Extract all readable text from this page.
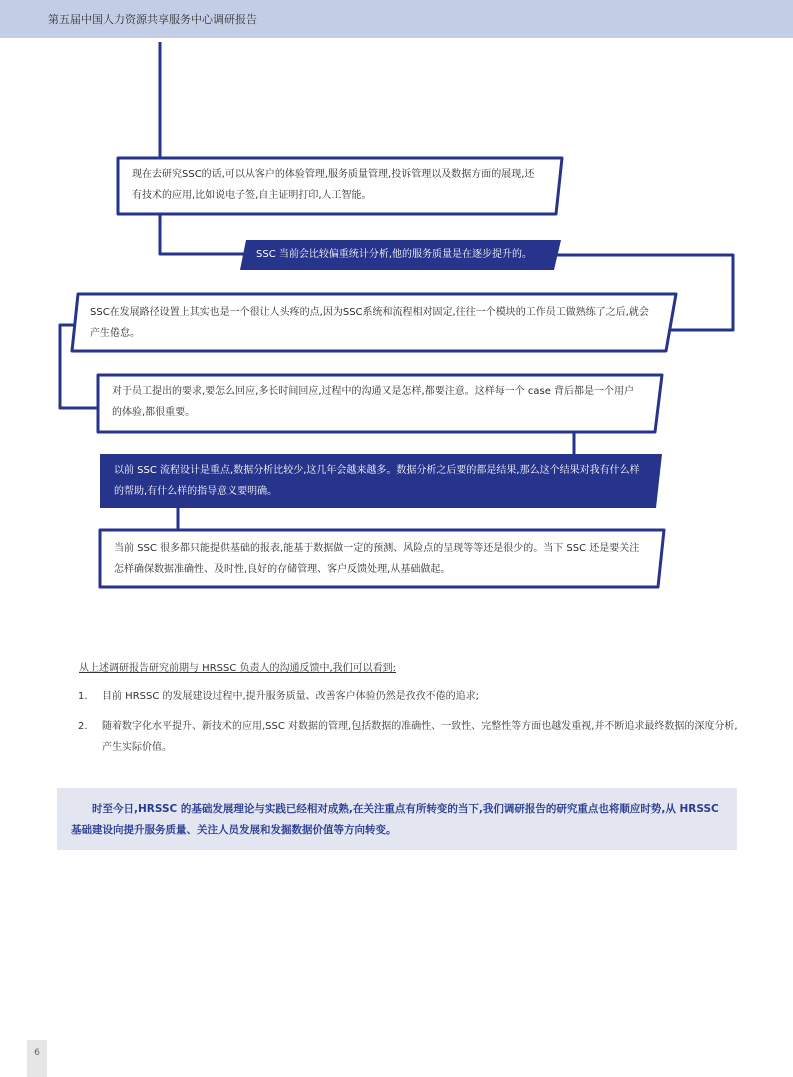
第五届中国人力资源共享服务中心调研报告
现在去研究SSC的话,可以从客户的体验管理,服务质量管理,投诉管理以及数据方面的展现,还有技术的应用,比如说电子签,自主证明打印,人工智能。
SSC 当前会比较偏重统计分析,他的服务质量是在逐步提升的。
SSC在发展路径设置上其实也是一个很让人头疼的点,因为SSC系统和流程相对固定,往往一个模块的工作员工做熟练了之后,就会产生倦怠。
对于员工提出的要求,要怎么回应,多长时间回应,过程中的沟通又是怎样,都要注意。这样每一个 case 背后都是一个用户的体验,都很重要。
以前 SSC 流程设计是重点,数据分析比较少,这几年会越来越多。数据分析之后要的都是结果,那么这个结果对我有什么样的帮助,有什么样的指导意义要明确。
当前 SSC 很多都只能提供基础的报表,能基于数据做一定的预测、风险点的呈现等等还是很少的。当下 SSC 还是要关注怎样确保数据准确性、及时性,良好的存储管理、客户反馈处理,从基础做起。
从上述调研报告研究前期与 HRSSC 负责人的沟通反馈中,我们可以看到:
1. 目前 HRSSC 的发展建设过程中,提升服务质量、改善客户体验仍然是孜孜不倦的追求;
2. 随着数字化水平提升、新技术的应用,SSC 对数据的管理,包括数据的准确性、一致性、完整性等方面也越发重视,并不断追求最终数据的深度分析,产生实际价值。
时至今日,HRSSC 的基础发展理论与实践已经相对成熟,在关注重点有所转变的当下,我们调研报告的研究重点也将顺应时势,从 HRSSC 基础建设向提升服务质量、关注人员发展和发掘数据价值等方向转变。
6
